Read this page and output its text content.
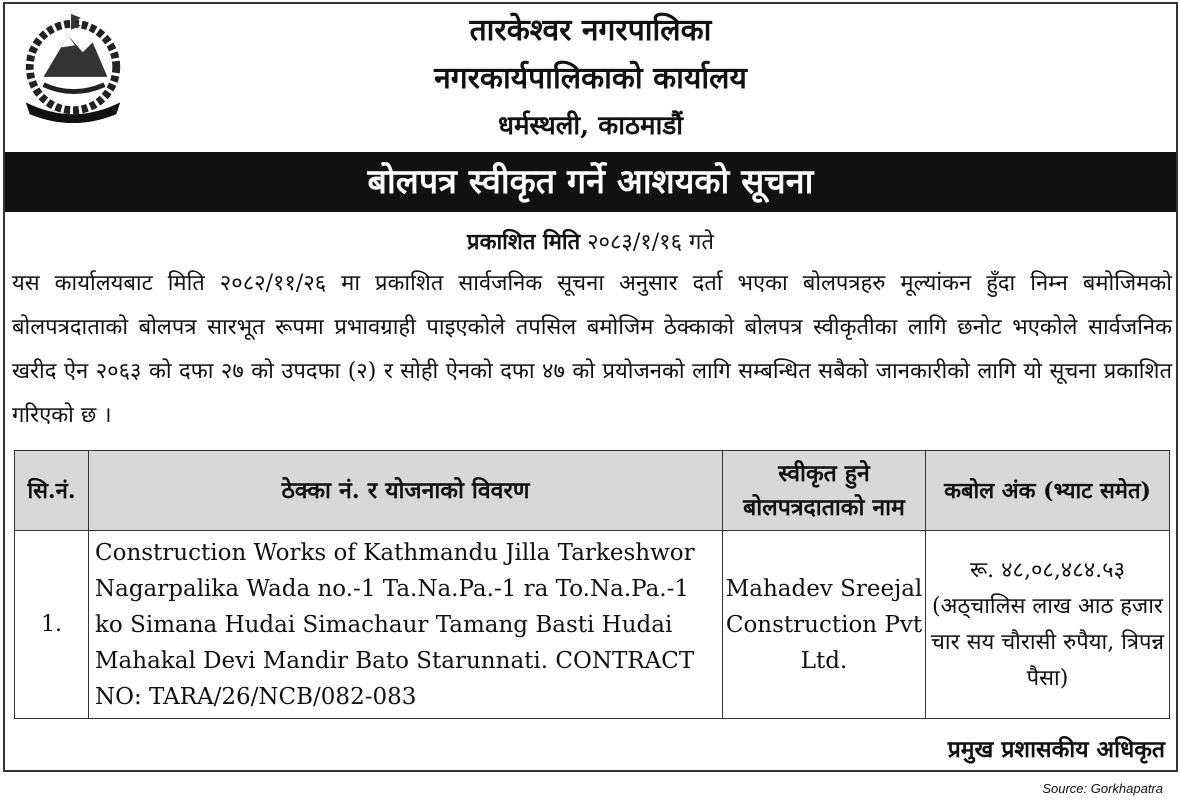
तारकेश्वर नगरपालिका
नगरकार्यपालिकाको कार्यालय
धर्मस्थली, काठमाडौं
बोलपत्र स्वीकृत गर्ने आशयको सूचना
प्रकाशित मिति २०८३/१/१६ गते
यस कार्यालयबाट मिति २०८२/११/२६ मा प्रकाशित सार्वजनिक सूचना अनुसार दर्ता भएका बोलपत्रहरु मूल्यांकन हुँदा निम्न बमोजिमको बोलपत्रदाताको बोलपत्र सारभूत रूपमा प्रभावग्राही पाइएकोले तपसिल बमोजिम ठेक्काको बोलपत्र स्वीकृतीका लागि छनोट भएकोले सार्वजनिक खरीद ऐन २०६३ को दफा २७ को उपदफा (२) र सोही ऐनको दफा ४७ को प्रयोजनको लागि सम्बन्धित सबैको जानकारीको लागि यो सूचना प्रकाशित गरिएको छ ।
सि.नं.	ठेक्का नं. र योजनाको विवरण	स्वीकृत हुने बोलपत्रदाताको नाम	कबोल अंक (भ्याट समेत)
1.	Construction Works of Kathmandu Jilla Tarkeshwor Nagarpalika Wada no.-1 Ta.Na.Pa.-1 ra To.Na.Pa.-1 ko Simana Hudai Simachaur Tamang Basti Hudai Mahakal Devi Mandir Bato Starunnati. CONTRACT NO: TARA/26/NCB/082-083	Mahadev Sreejal Construction Pvt Ltd.	रू. ४८,०८,४८४.५३
(अठ्चालिस लाख आठ हजार चार सय चौरासी रुपैया, त्रिपन्न पैसा)
प्रमुख प्रशासकीय अधिकृत
Source: Gorkhapatra
